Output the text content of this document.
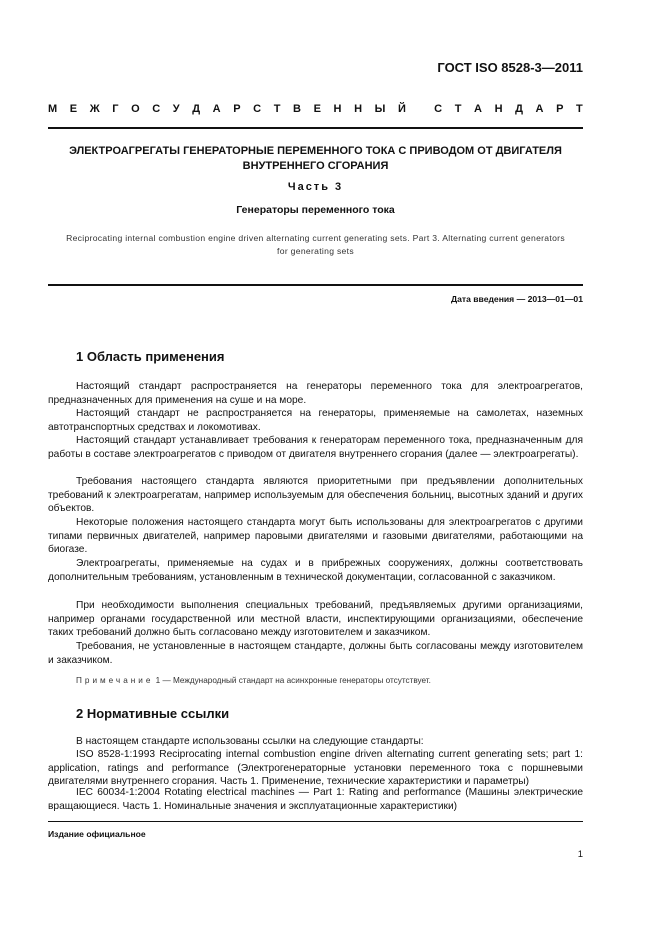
ГОСТ ISO 8528-3—2011
М Е Ж Г О С У Д А Р С Т В Е Н Н Ы Й
	С Т А Н Д А Р Т
ЭЛЕКТРОАГРЕГАТЫ ГЕНЕРАТОРНЫЕ ПЕРЕМЕННОГО ТОКА С ПРИВОДОМ ОТ ДВИГАТЕЛЯ
ВНУТРЕННЕГО СГОРАНИЯ
Часть 3
Генераторы переменного тока
Reciprocating internal combustion engine driven alternating current generating sets. Part 3. Alternating current generators for generating sets
Дата введения — 2013—01—01
1 Область применения

Настоящий стандарт распространяется на генераторы переменного тока для электроагрегатов, предназначенных для применения на суше и на море.

Настоящий стандарт не распространяется на генераторы, применяемые на самолетах, наземных автотранспортных средствах и локомотивах.

Настоящий стандарт устанавливает требования к генераторам переменного тока, предназначенным для работы в составе электроагрегатов с приводом от двигателя внутреннего сгорания (далее — электроагрегаты).

Требования настоящего стандарта являются приоритетными при предъявлении дополнительных требований к электроагрегатам, например используемым для обеспечения больниц, высотных зданий и других объектов.

Некоторые положения настоящего стандарта могут быть использованы для электроагрегатов с другими типами первичных двигателей, например паровыми двигателями и газовыми двигателями, работающими на биогазе.

Электроагрегаты, применяемые на судах и в прибрежных сооружениях, должны соответствовать дополнительным требованиям, установленным в технической документации, согласованной с заказчиком.

При необходимости выполнения специальных требований, предъявляемых другими организациями, например органами государственной или местной власти, инспектирующими организациями, обеспечение таких требований должно быть согласовано между изготовителем и заказчиком.

Требования, не установленные в настоящем стандарте, должны быть согласованы между изготовителем и заказчиком.

Примечание 1 — Международный стандарт на асинхронные генераторы отсутствует.
2 Нормативные ссылки

В настоящем стандарте использованы ссылки на следующие стандарты:

ISO 8528-1:1993 Reciprocating internal combustion engine driven alternating current generating sets; part 1: application, ratings and performance (Электрогенераторные установки переменного тока с поршневыми двигателями внутреннего сгорания. Часть 1. Применение, технические характеристики и параметры)

IEC 60034-1:2004 Rotating electrical machines — Part 1: Rating and performance (Машины электрические вращающиеся. Часть 1. Номинальные значения и эксплуатационные характеристики)

Издание официальное
1
